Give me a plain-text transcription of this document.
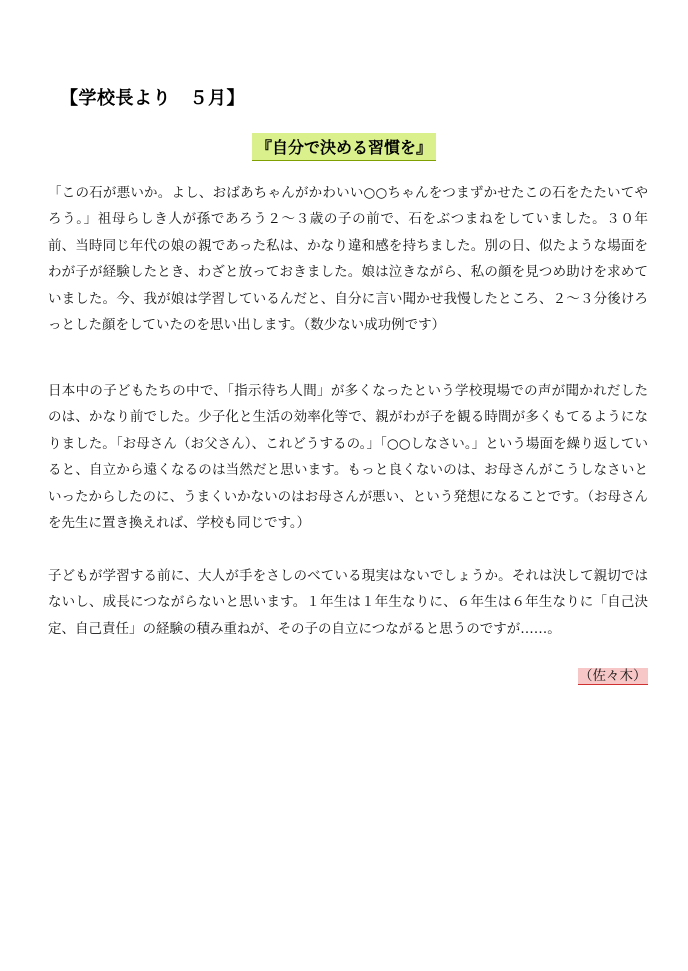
【学校長より　５月】
『自分で決める習慣を』

「この石が悪いか。よし、おばあちゃんがかわいい○○ちゃんをつまずかせたこの石をたたいてやろう。」祖母らしき人が孫であろう２～３歳の子の前で、石をぶつまねをしていました。３０年前、当時同じ年代の娘の親であった私は、かなり違和感を持ちました。別の日、似たような場面をわが子が経験したとき、わざと放っておきました。娘は泣きながら、私の顔を見つめ助けを求めていました。今、我が娘は学習しているんだと、自分に言い聞かせ我慢したところ、２～３分後けろっとした顔をしていたのを思い出します。（数少ない成功例です）

日本中の子どもたちの中で、「指示待ち人間」が多くなったという学校現場での声が聞かれだしたのは、かなり前でした。少子化と生活の効率化等で、親がわが子を観る時間が多くもてるようになりました。「お母さん（お父さん）、これどうするの。」「○○しなさい。」という場面を繰り返していると、自立から遠くなるのは当然だと思います。もっと良くないのは、お母さんがこうしなさいといったからしたのに、うまくいかないのはお母さんが悪い、という発想になることです。（お母さんを先生に置き換えれば、学校も同じです。）

子どもが学習する前に、大人が手をさしのべている現実はないでしょうか。それは決して親切ではないし、成長につながらないと思います。１年生は１年生なりに、６年生は６年生なりに「自己決定、自己責任」の経験の積み重ねが、その子の自立につながると思うのですが……。

（佐々木）
